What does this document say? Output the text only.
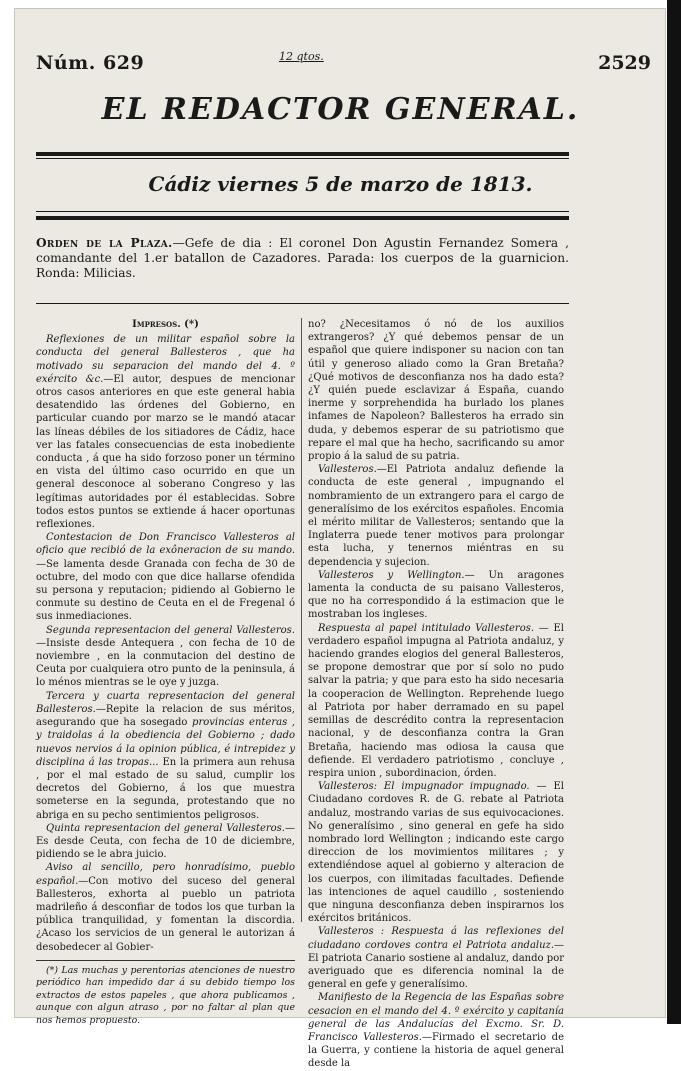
Núm. 629	12 qtos.	2529
EL REDACTOR GENERAL.
Cádiz viernes 5 de marzo de 1813.
Orden de la Plaza.—Gefe de dia : El coronel Don Agustin Fernandez Somera , comandante del 1.er batallon de Cazadores. Parada: los cuerpos de la guarnicion. Ronda: Milicias.

Impresos. (*)

Reflexiones de un militar español sobre la conducta del general Ballesteros , que ha motivado su separacion del mando del 4. º exército &c.—El autor, despues de mencionar otros casos anteriores en que este general habia desatendido las órdenes del Gobierno, en particular cuando por marzo se le mandó atacar las líneas débiles de los sitiadores de Cádiz, hace ver las fatales consecuencias de esta inobediente conducta , á que ha sido forzoso poner un término en vista del último caso ocurrido en que un general desconoce al soberano Congreso y las legítimas autoridades por él establecidas. Sobre todos estos puntos se extiende á hacer oportunas reflexiones.

Contestacion de Don Francisco Vallesteros al oficio que recibió de la exôneracion de su mando.—Se lamenta desde Granada con fecha de 30 de octubre, del modo con que dice hallarse ofendida su persona y reputacion; pidiendo al Gobierno le conmute su destino de Ceuta en el de Fregenal ó sus inmediaciones.

Segunda representacion del general Vallesteros.—Insiste desde Antequera , con fecha de 10 de noviembre , en la conmutacion del destino de Ceuta por cualquiera otro punto de la peninsula, á lo ménos mientras se le oye y juzga.

Tercera y cuarta representacion del general Ballesteros.—Repite la relacion de sus méritos, asegurando que ha sosegado provincias enteras , y traidolas á la obediencia del Gobierno ; dado nuevos nervios á la opinion pública, é intrepidez y disciplina á las tropas... En la primera aun rehusa , por el mal estado de su salud, cumplir los decretos del Gobierno, á los que muestra someterse en la segunda, protestando que no abriga en su pecho sentimientos peligrosos.

Quinta representacion del general Vallesteros.—Es desde Ceuta, con fecha de 10 de diciembre, pidiendo se le abra juicio.

Aviso al sencillo, pero honradísimo, pueblo español.—Con motivo del suceso del general Ballesteros, exhorta al pueblo un patriota madrileño á desconfiar de todos los que turban la pública tranquilidad, y fomentan la discordia. ¿Acaso los servicios de un general le autorizan á desobedecer al Gobier-

(*) Las muchas y perentorias atenciones de nuestro periódico han impedido dar á su debido tiempo los extractos de estos papeles , que ahora publicamos , aunque con algun atraso , por no faltar al plan que nos hemos propuesto.

no? ¿Necesitamos ó nó de los auxilios extrangeros? ¿Y qué debemos pensar de un español que quiere indisponer su nacion con tan útil y generoso aliado como la Gran Bretaña? ¿Qué motivos de desconfianza nos ha dado esta? ¿Y quién puede esclavizar á España, cuando inerme y sorprehendida ha burlado los planes infames de Napoleon? Ballesteros ha errado sin duda, y debemos esperar de su patriotismo que repare el mal que ha hecho, sacrificando su amor propio á la salud de su patria.

Vallesteros.—El Patriota andaluz defiende la conducta de este general , impugnando el nombramiento de un extrangero para el cargo de generalísimo de los exércitos españoles. Encomia el mérito militar de Vallesteros; sentando que la Inglaterra puede tener motivos para prolongar esta lucha, y tenernos miéntras en su dependencia y sujecion.

Vallesteros y Wellington.— Un aragones lamenta la conducta de su paisano Vallesteros, que no ha correspondido á la estimacion que le mostraban los ingleses.

Respuesta al papel intitulado Vallesteros. — El verdadero español impugna al Patriota andaluz, y haciendo grandes elogios del general Ballesteros, se propone demostrar que por sí solo no pudo salvar la patria; y que para esto ha sido necesaria la cooperacion de Wellington. Reprehende luego al Patriota por haber derramado en su papel semillas de descrédito contra la representacion nacional, y de desconfianza contra la Gran Bretaña, haciendo mas odiosa la causa que defiende. El verdadero patriotismo , concluye , respira union , subordinacion, órden.

Vallesteros: El impugnador impugnado. — El Ciudadano cordoves R. de G. rebate al Patriota andaluz, mostrando varias de sus equivocaciones. No generalísimo , sino general en gefe ha sido nombrado lord Wellington ; indicando este cargo direccion de los movimientos militares ; y extendiéndose aquel al gobierno y alteracion de los cuerpos, con ilimitadas facultades. Defiende las intenciones de aquel caudillo , sosteniendo que ninguna desconfianza deben inspirarnos los exércitos británicos.

Vallesteros : Respuesta á las reflexiones del ciudadano cordoves contra el Patriota andaluz.— El patriota Canario sostiene al andaluz, dando por averiguado que es diferencia nominal la de general en gefe y generalísimo.

Manifiesto de la Regencia de las Españas sobre cesacion en el mando del 4. º exército y capitanía general de las Andalucías del Excmo. Sr. D. Francisco Vallesteros.—Firmado el secretario de la Guerra, y contiene la historia de aquel general desde la
